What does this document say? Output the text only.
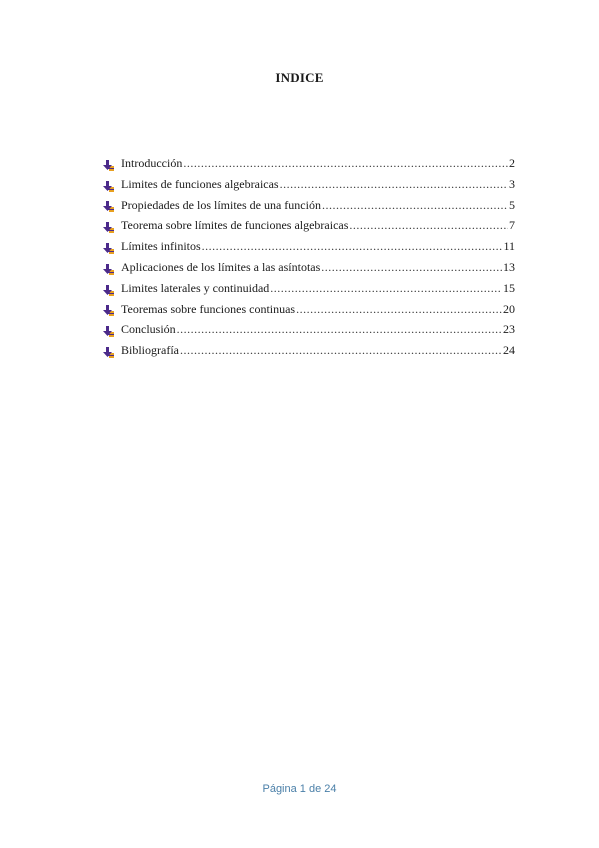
INDICE
Introducción .....	2
Limites de funciones algebraicas .....	3
Propiedades de los límites de una función .....	5
Teorema sobre límites de funciones algebraicas .....	7
Límites infinitos .....	11
Aplicaciones de los límites a las asíntotas .....	13
Limites laterales y continuidad .....	15
Teoremas sobre funciones continuas .....	20
Conclusión .....	23
Bibliografía .....	24
Página 1 de 24
